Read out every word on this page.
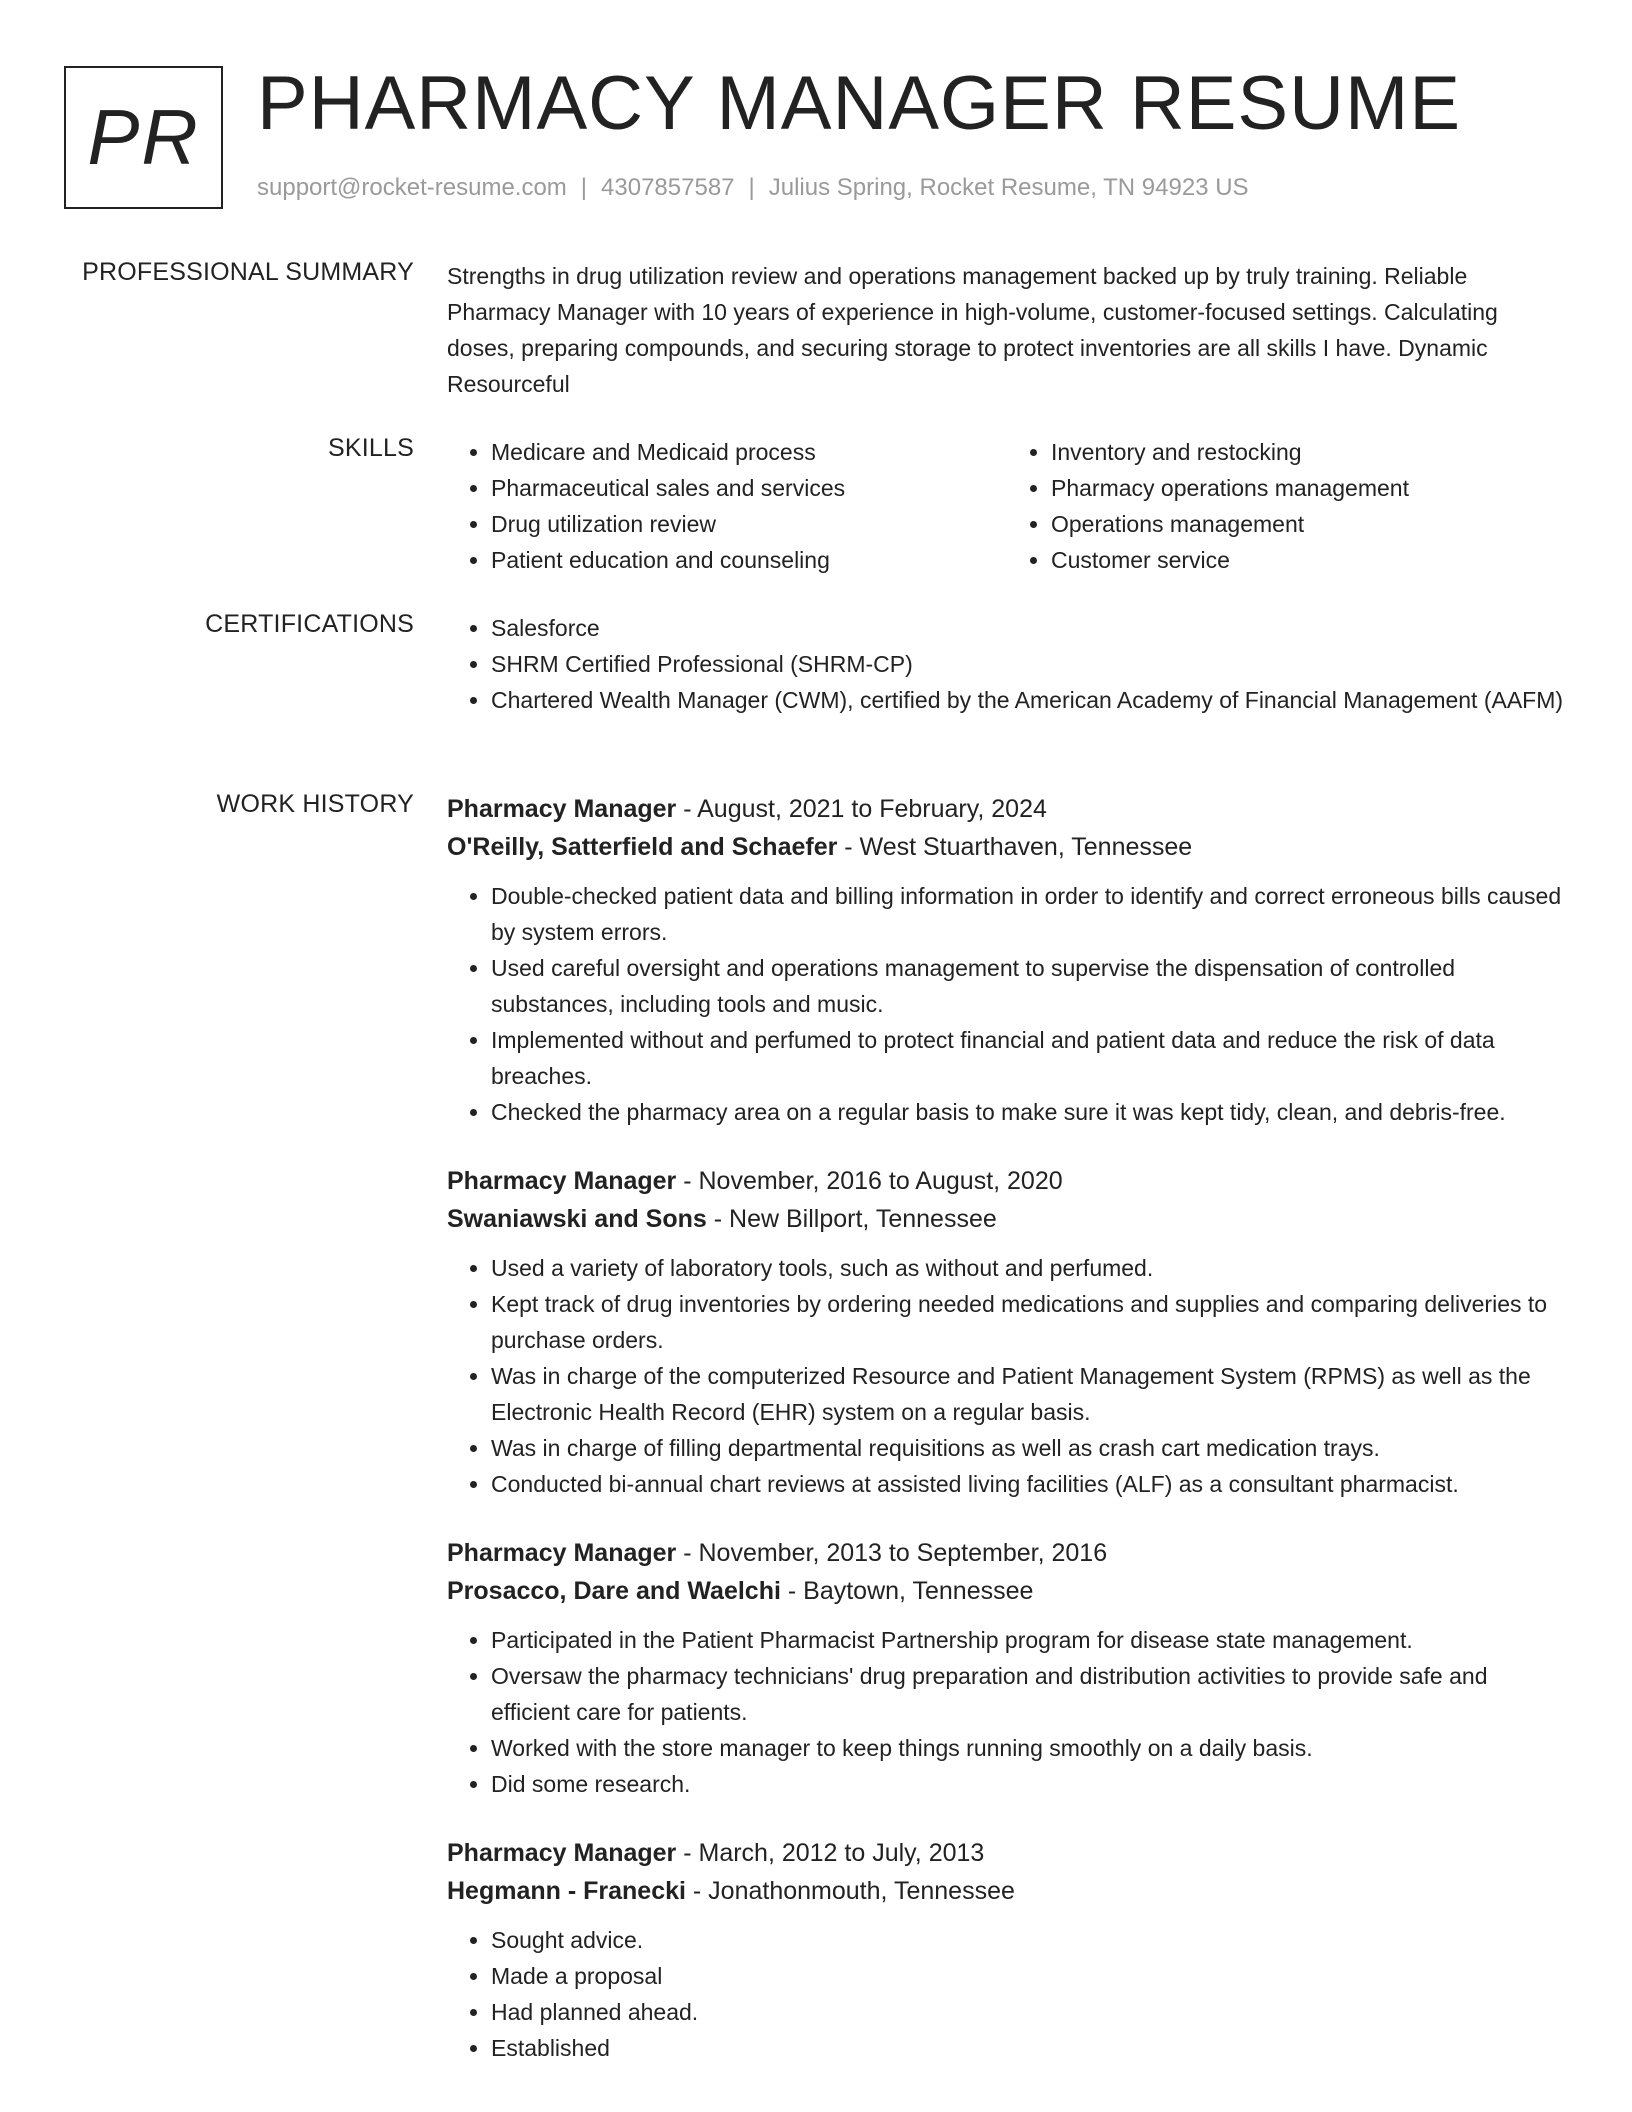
PR PHARMACY MANAGER RESUME
support@rocket-resume.com | 4307857587 | Julius Spring, Rocket Resume, TN 94923 US
PROFESSIONAL SUMMARY Strengths in drug utilization review and operations management backed up by truly training. Reliable Pharmacy Manager with 10 years of experience in high-volume, customer-focused settings. Calculating doses, preparing compounds, and securing storage to protect inventories are all skills I have. Dynamic Resourceful

SKILLS	• Medicare and Medicaid process
• Pharmaceutical sales and services
• Drug utilization review
• Patient education and counseling
• Inventory and restocking
• Pharmacy operations management
• Operations management
• Customer service
CERTIFICATIONS	• Salesforce
• SHRM Certified Professional (SHRM-CP)
• Chartered Wealth Manager (CWM), certified by the American Academy of Financial Management (AAFM)
WORK HISTORY Pharmacy Manager - August, 2021 to February, 2024
O'Reilly, Satterfield and Schaefer - West Stuarthaven, Tennessee
• Double-checked patient data and billing information in order to identify and correct erroneous bills caused by system errors.
• Used careful oversight and operations management to supervise the dispensation of controlled substances, including tools and music.
• Implemented without and perfumed to protect financial and patient data and reduce the risk of data breaches.
• Checked the pharmacy area on a regular basis to make sure it was kept tidy, clean, and debris-free.
Pharmacy Manager - November, 2016 to August, 2020
Swaniawski and Sons - New Billport, Tennessee
• Used a variety of laboratory tools, such as without and perfumed.
• Kept track of drug inventories by ordering needed medications and supplies and comparing deliveries to purchase orders.
• Was in charge of the computerized Resource and Patient Management System (RPMS) as well as the Electronic Health Record (EHR) system on a regular basis.
• Was in charge of filling departmental requisitions as well as crash cart medication trays.
• Conducted bi-annual chart reviews at assisted living facilities (ALF) as a consultant pharmacist.
Pharmacy Manager - November, 2013 to September, 2016
Prosacco, Dare and Waelchi - Baytown, Tennessee
• Participated in the Patient Pharmacist Partnership program for disease state management.
• Oversaw the pharmacy technicians' drug preparation and distribution activities to provide safe and efficient care for patients.
• Worked with the store manager to keep things running smoothly on a daily basis.
• Did some research.
Pharmacy Manager - March, 2012 to July, 2013
Hegmann - Franecki - Jonathonmouth, Tennessee
• Sought advice.
• Made a proposal
• Had planned ahead.
• Established
